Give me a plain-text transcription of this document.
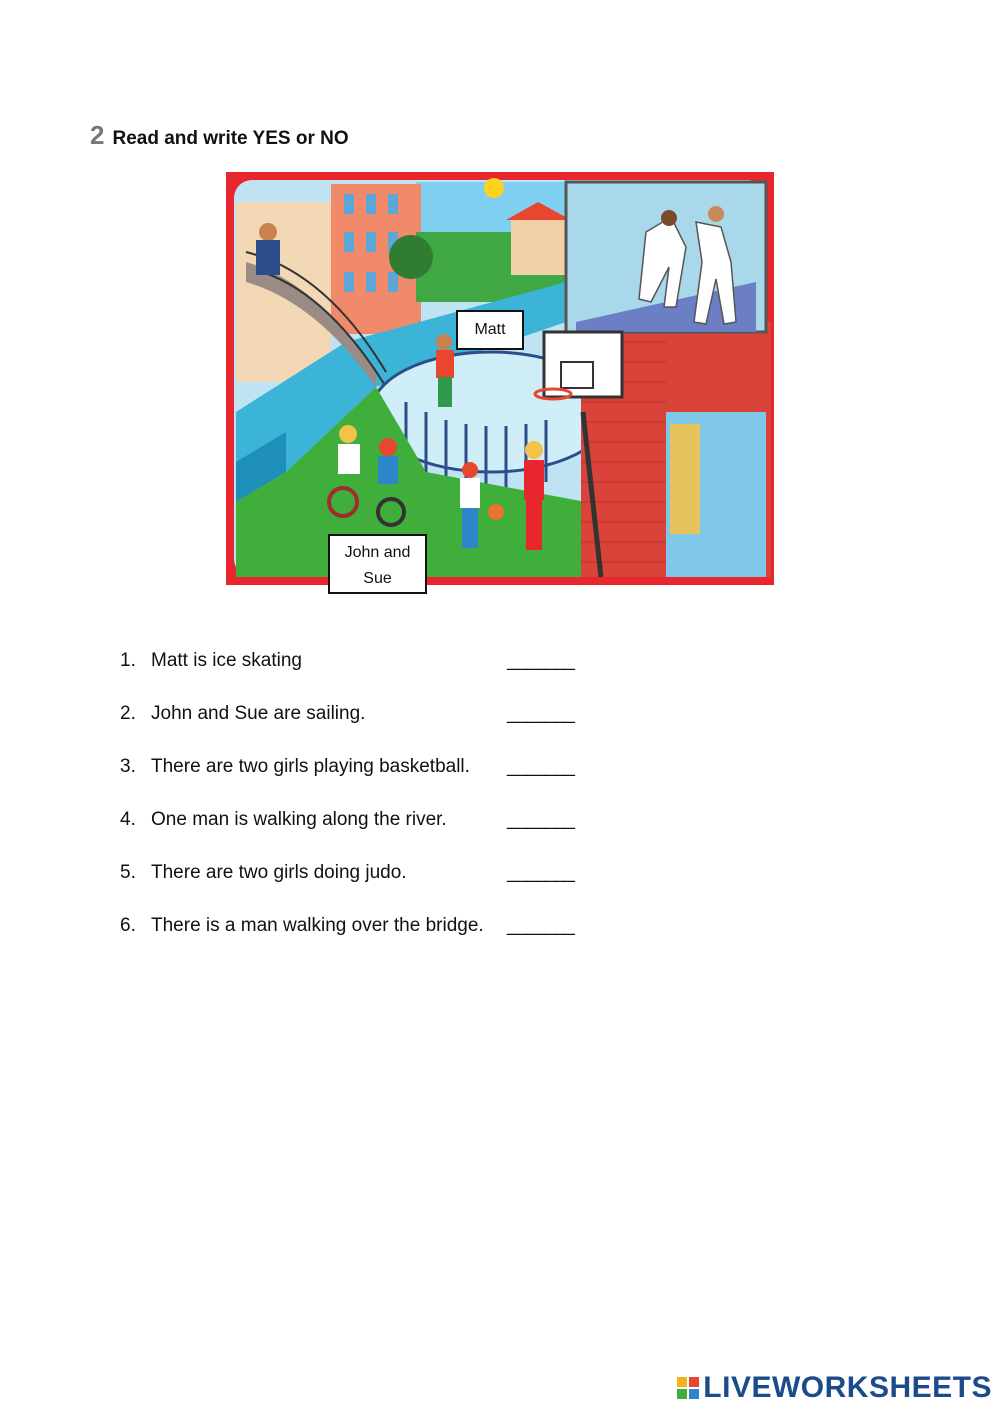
2 Read and write YES or NO
Matt
John and Sue
1. Matt is ice skating	_______
2. John and Sue are sailing.	_______
3. There are two girls playing basketball.	_______
4. One man is walking along the river.	_______
5. There are two girls doing judo.	_______
6. There is a man walking over the bridge.	_______
LIVEWORKSHEETS
